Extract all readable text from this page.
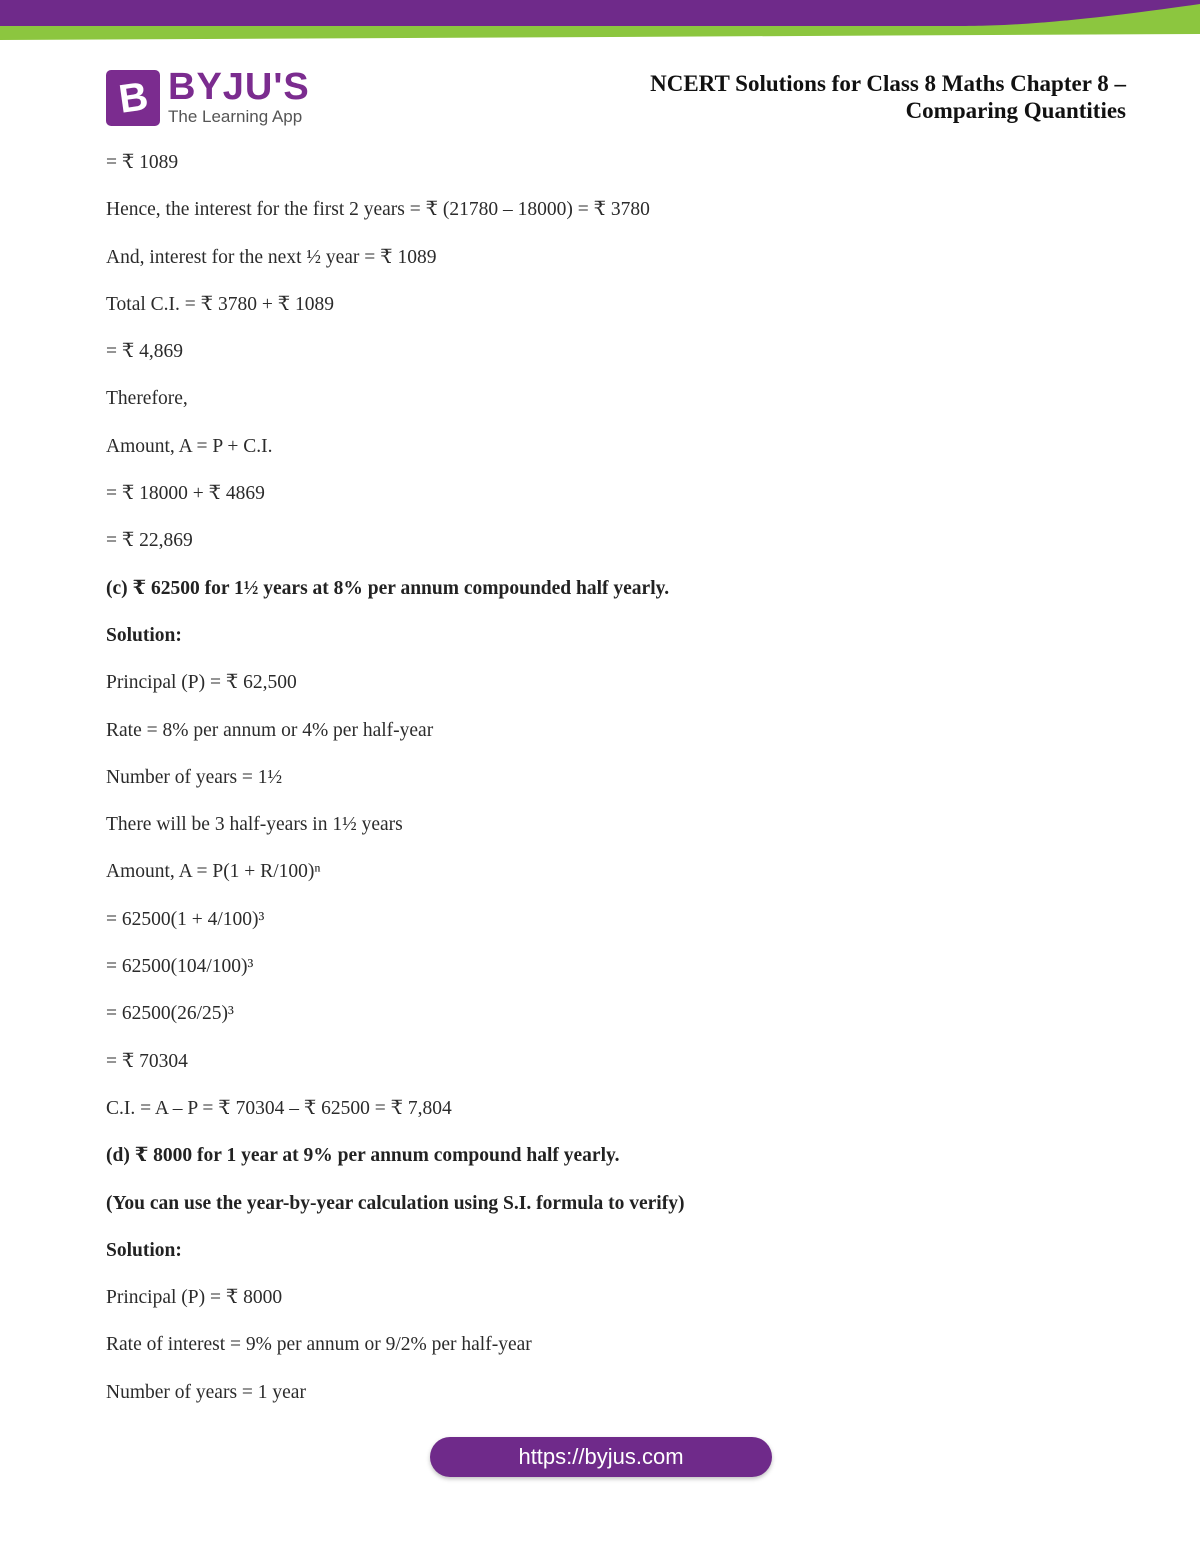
B BYJU'S
The Learning App
NCERT Solutions for Class 8 Maths Chapter 8 –
Comparing Quantities
= ₹ 1089
Hence, the interest for the first 2 years = ₹ (21780 – 18000) = ₹ 3780
And, interest for the next ½ year = ₹ 1089
Total C.I. = ₹ 3780 + ₹ 1089
= ₹ 4,869
Therefore,
Amount, A = P + C.I.
= ₹ 18000 + ₹ 4869
= ₹ 22,869
(c) ₹ 62500 for 1½ years at 8% per annum compounded half yearly.
Solution:
Principal (P) = ₹ 62,500
Rate = 8% per annum or 4% per half-year
Number of years = 1½
There will be 3 half-years in 1½ years
Amount, A = P(1 + R/100)ⁿ
= 62500(1 + 4/100)³
= 62500(104/100)³
= 62500(26/25)³
= ₹ 70304
C.I. = A – P = ₹ 70304 – ₹ 62500 = ₹ 7,804
(d) ₹ 8000 for 1 year at 9% per annum compound half yearly.
(You can use the year-by-year calculation using S.I. formula to verify)
Solution:
Principal (P) = ₹ 8000
Rate of interest = 9% per annum or 9/2% per half-year
Number of years = 1 year
https://byjus.com
